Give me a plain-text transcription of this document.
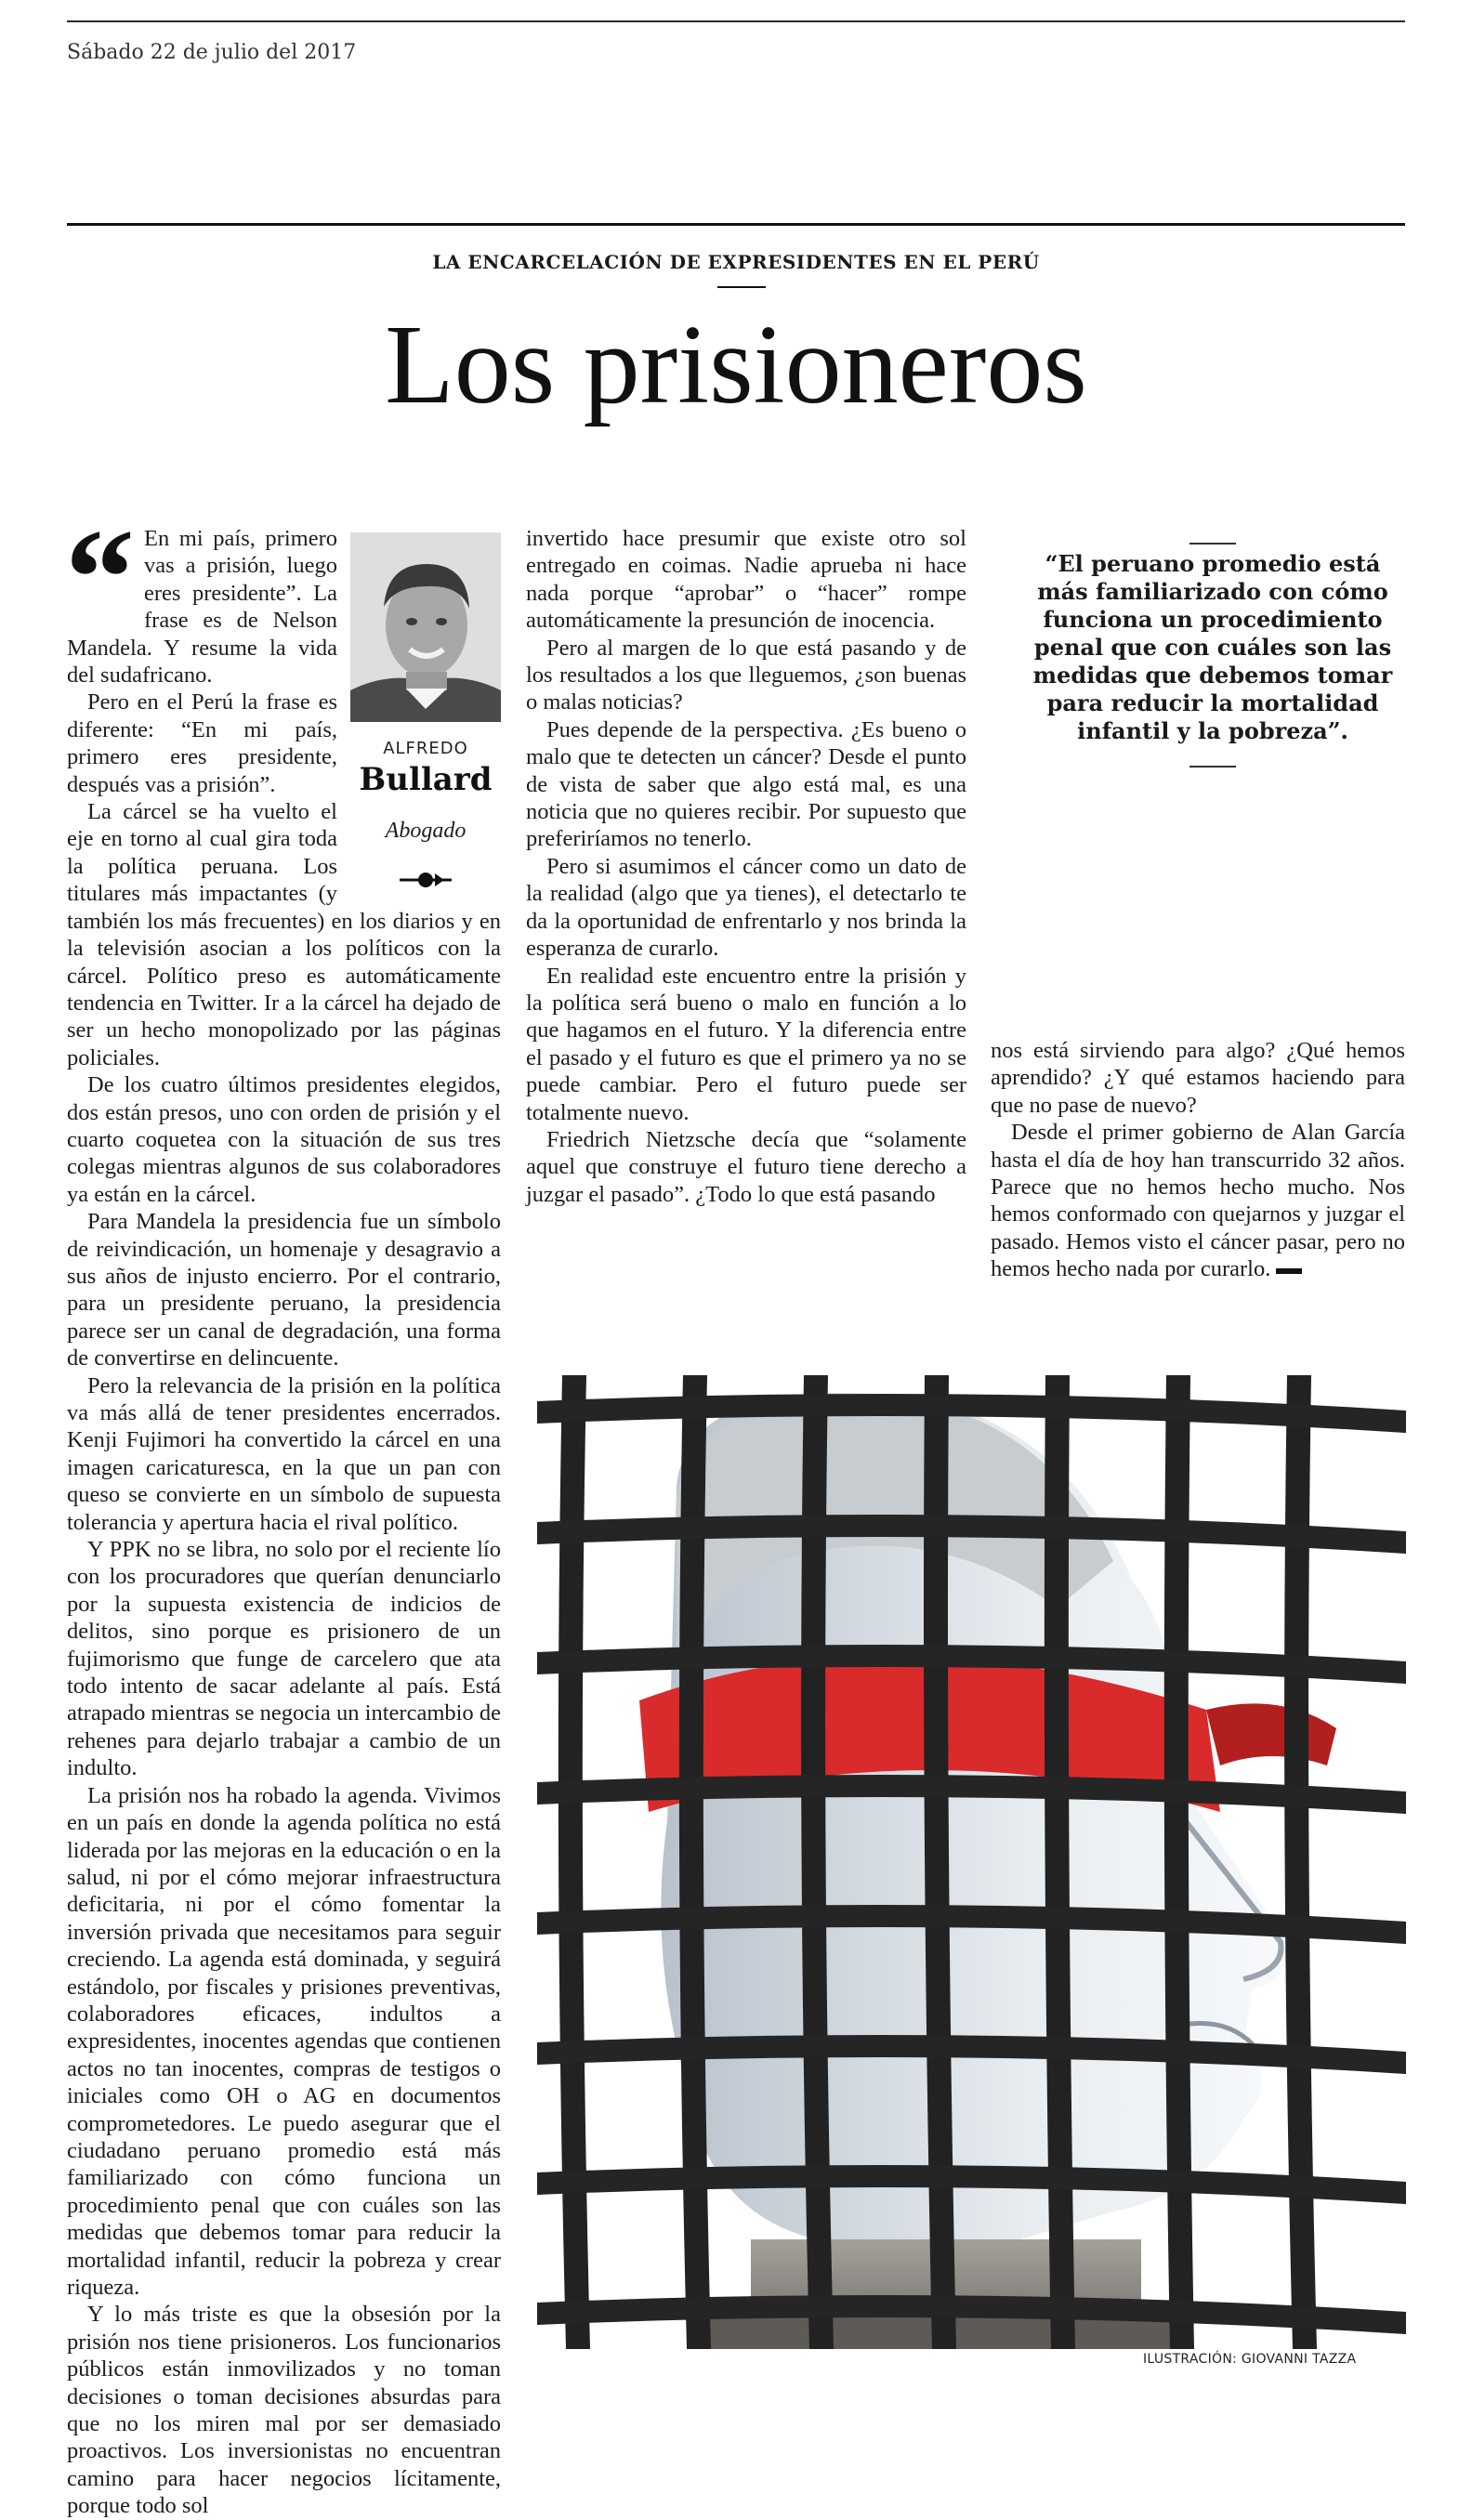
Sábado 22 de julio del 2017
LA ENCARCELACIÓN DE EXPRESIDENTES EN EL PERÚ
Los prisioneros
ALFREDO
Bullard
Abogado
“ En mi país, primero vas a prisión, luego eres presidente”. La frase es de Nelson Mandela. Y resume la vida del sudafricano.

Pero en el Perú la frase es diferente: “En mi país, primero eres presidente, después vas a prisión”.

La cárcel se ha vuelto el eje en torno al cual gira toda la política peruana. Los titulares más impactantes (y también los más frecuentes) en los diarios y en la televisión asocian a los políticos con la cárcel. Político preso es automáticamente tendencia en Twitter. Ir a la cárcel ha dejado de ser un hecho monopolizado por las páginas policiales.

De los cuatro últimos presidentes elegidos, dos están presos, uno con orden de prisión y el cuarto coquetea con la situación de sus tres colegas mientras algunos de sus colaboradores ya están en la cárcel.

Para Mandela la presidencia fue un símbolo de reivindicación, un homenaje y desagravio a sus años de injusto encierro. Por el contrario, para un presidente peruano, la presidencia parece ser un canal de degradación, una forma de convertirse en delincuente.

Pero la relevancia de la prisión en la política va más allá de tener presidentes encerrados. Kenji Fujimori ha convertido la cárcel en una imagen caricaturesca, en la que un pan con queso se convierte en un símbolo de supuesta tolerancia y apertura hacia el rival político.

Y PPK no se libra, no solo por el reciente lío con los procuradores que querían denunciarlo por la supuesta existencia de indicios de delitos, sino porque es prisionero de un fujimorismo que funge de carcelero que ata todo intento de sacar adelante al país. Está atrapado mientras se negocia un intercambio de rehenes para dejarlo trabajar a cambio de un indulto.

La prisión nos ha robado la agenda. Vivimos en un país en donde la agenda política no está liderada por las mejoras en la educación o en la salud, ni por el cómo mejorar infraestructura deficitaria, ni por el cómo fomentar la inversión privada que necesitamos para seguir creciendo. La agenda está dominada, y seguirá estándolo, por fiscales y prisiones preventivas, colaboradores eficaces, indultos a expresidentes, inocentes agendas que contienen actos no tan inocentes, compras de testigos o iniciales como OH o AG en documentos comprometedores. Le puedo asegurar que el ciudadano peruano promedio está más familiarizado con cómo funciona un procedimiento penal que con cuáles son las medidas que debemos tomar para reducir la mortalidad infantil, reducir la pobreza y crear riqueza.

Y lo más triste es que la obsesión por la prisión nos tiene prisioneros. Los funcionarios públicos están inmovilizados y no toman decisiones o toman decisiones absurdas para que no los miren mal por ser demasiado proactivos. Los inversionistas no encuentran camino para hacer negocios lícitamente, porque todo sol

invertido hace presumir que existe otro sol entregado en coimas. Nadie aprueba ni hace nada porque “aprobar” o “hacer” rompe automáticamente la presunción de inocencia.

Pero al margen de lo que está pasando y de los resultados a los que lleguemos, ¿son buenas o malas noticias?

Pues depende de la perspectiva. ¿Es bueno o malo que te detecten un cáncer? Desde el punto de vista de saber que algo está mal, es una noticia que no quieres recibir. Por supuesto que preferiríamos no tenerlo.

Pero si asumimos el cáncer como un dato de la realidad (algo que ya tienes), el detectarlo te da la oportunidad de enfrentarlo y nos brinda la esperanza de curarlo.

En realidad este encuentro entre la prisión y la política será bueno o malo en función a lo que hagamos en el futuro. Y la diferencia entre el pasado y el futuro es que el primero ya no se puede cambiar. Pero el futuro puede ser totalmente nuevo.

Friedrich Nietzsche decía que “solamente aquel que construye el futuro tiene derecho a juzgar el pasado”. ¿Todo lo que está pasando

“El peruano promedio está más familiarizado con cómo funciona un procedimiento penal que con cuáles son las medidas que debemos tomar para reducir la mortalidad infantil y la pobreza”.

nos está sirviendo para algo? ¿Qué hemos aprendido? ¿Y qué estamos haciendo para que no pase de nuevo?

Desde el primer gobierno de Alan García hasta el día de hoy han transcurrido 32 años. Parece que no hemos hecho mucho. Nos hemos conformado con quejarnos y juzgar el pasado. Hemos visto el cáncer pasar, pero no hemos hecho nada por curarlo.

ILUSTRACIÓN: GIOVANNI TAZZA
